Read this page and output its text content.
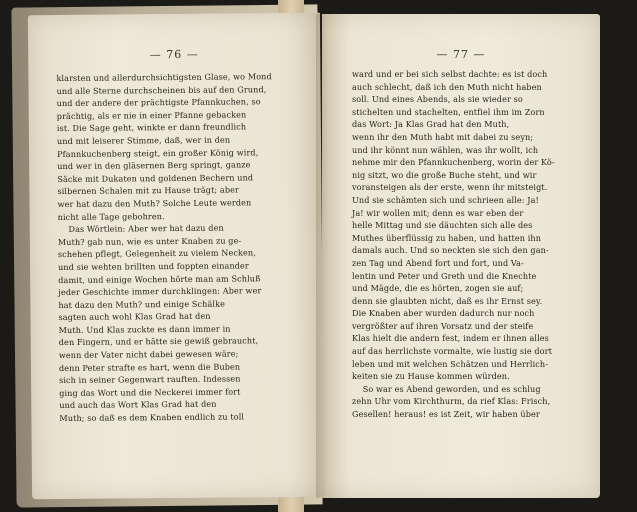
— 76 —
klarsten und allerdurchsichtigsten Glase, wo Mond
und alle Sterne durchscheinen bis auf den Grund,
und der andere der prächtigste Pfannkuchen, so
prächtig, als er nie in einer Pfanne gebacken
ist. Die Sage geht, winkte er dann freundlich
und mit leiserer Stimme, daß, wer in den
Pfannkuchenberg steigt, ein großer König wird,
und wer in den gläsernen Berg springt, ganze
Säcke mit Dukaten und goldenen Bechern und
silbernen Schalen mit zu Hause trägt; aber
wer hat dazu den Muth? Solche Leute werden
nicht alle Tage gebohren.
Das Wörtlein: Aber wer hat dazu den
Muth? gab nun, wie es unter Knaben zu ge-
schehen pflegt, Gelegenheit zu vielem Necken,
und sie wehten brillten und foppten einander
damit, und einige Wochen hörte man am Schluß
jeder Geschichte immer durchklingen: Aber wer
hat dazu den Muth? und einige Schälke
sagten auch wohl Klas Grad hat den
Muth. Und Klas zuckte es dann immer in
den Fingern, und er hätte sie gewiß gebraucht,
wenn der Vater nicht dabei gewesen wäre;
denn Peter strafte es hart, wenn die Buben
sich in seiner Gegenwart rauften. Indessen
ging das Wort und die Neckerei immer fort
und auch das Wort Klas Grad hat den
Muth; so daß es dem Knaben endlich zu toll
— 77 —
ward und er bei sich selbst dachte: es ist doch
auch schlecht, daß ich den Muth nicht haben
soll. Und eines Abends, als sie wieder so
stichelten und stachelten, entfiel ihm im Zorn
das Wort: Ja Klas Grad hat den Muth,
wenn ihr den Muth habt mit dabei zu seyn;
und ihr könnt nun wählen, was ihr wollt, ich
nehme mir den Pfannkuchenberg, worin der Kö-
nig sitzt, wo die große Buche steht, und wir
voransteigen als der erste, wenn ihr mitsteigt.
Und sie schämten sich und schrieen alle: Ja!
Ja! wir wollen mit; denn es war eben der
helle Mittag und sie däuchten sich alle des
Muthes überflüssig zu haben, und hatten ihn
damals auch. Und so neckten sie sich den gan-
zen Tag und Abend fort und fort, und Va-
lentin und Peter und Greth und die Knechte
und Mägde, die es hörten, zogen sie auf;
denn sie glaubten nicht, daß es ihr Ernst sey.
Die Knaben aber wurden dadurch nur noch
vergrößter auf ihren Vorsatz und der steife
Klas hielt die andern fest, indem er ihnen alles
auf das herrlichste vormalte, wie lustig sie dort
leben und mit welchen Schätzen und Herrlich-
keiten sie zu Hause kommen würden.
So war es Abend geworden, und es schlug
zehn Uhr vom Kirchthurm, da rief Klas: Frisch,
Gesellen! heraus! es ist Zeit, wir haben über
